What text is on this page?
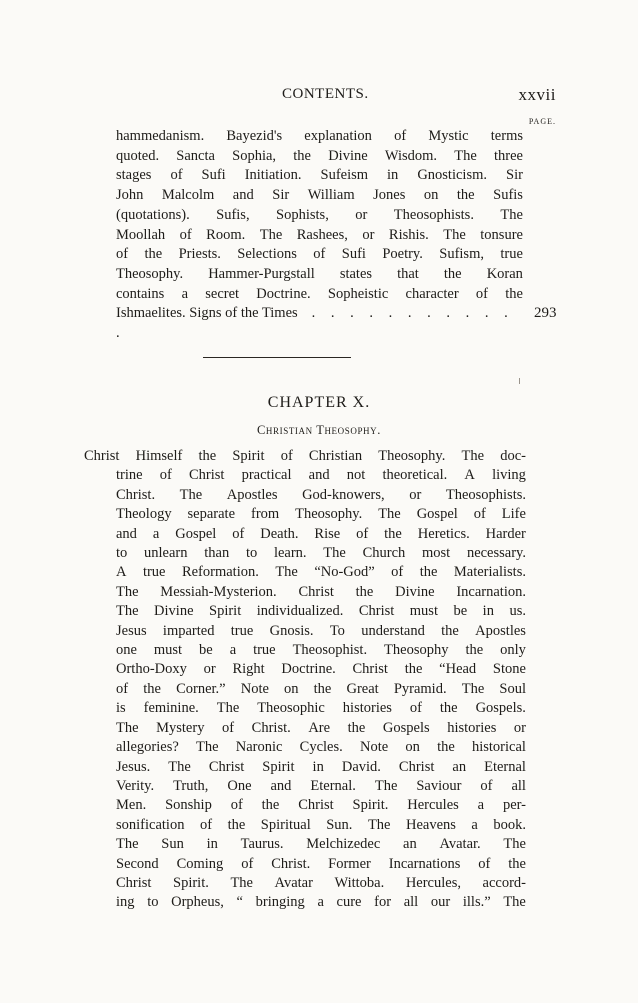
CONTENTS.	xxvii
PAGE.
hammedanism. Bayezid's explanation of Mystic terms
quoted. Sancta Sophia, the Divine Wisdom. The three
stages of Sufi Initiation. Sufeism in Gnosticism. Sir
John Malcolm and Sir William Jones on the Sufis
(quotations). Sufis, Sophists, or Theosophists. The
Moollah of Room. The Rashees, or Rishis. The tonsure
of the Priests. Selections of Sufi Poetry. Sufism, true
Theosophy. Hammer-Purgstall states that the Koran
contains a secret Doctrine. Sopheistic character of the
Ishmaelites. Signs of the Times . . . . . . . . . . . .
293
CHAPTER X.
Christian Theosophy.
Christ Himself the Spirit of Christian Theosophy. The doc-
trine of Christ practical and not theoretical. A living
Christ. The Apostles God-knowers, or Theosophists.
Theology separate from Theosophy. The Gospel of Life
and a Gospel of Death. Rise of the Heretics. Harder
to unlearn than to learn. The Church most necessary.
A true Reformation. The “No-God” of the Materialists.
The Messiah-Mysterion. Christ the Divine Incarnation.
The Divine Spirit individualized. Christ must be in us.
Jesus imparted true Gnosis. To understand the Apostles
one must be a true Theosophist. Theosophy the only
Ortho-Doxy or Right Doctrine. Christ the “Head Stone
of the Corner.” Note on the Great Pyramid. The Soul
is feminine. The Theosophic histories of the Gospels.
The Mystery of Christ. Are the Gospels histories or
allegories? The Naronic Cycles. Note on the historical
Jesus. The Christ Spirit in David. Christ an Eternal
Verity. Truth, One and Eternal. The Saviour of all
Men. Sonship of the Christ Spirit. Hercules a per-
sonification of the Spiritual Sun. The Heavens a book.
The Sun in Taurus. Melchizedec an Avatar. The
Second Coming of Christ. Former Incarnations of the
Christ Spirit. The Avatar Wittoba. Hercules, accord-
ing to Orpheus, “ bringing a cure for all our ills.” The
